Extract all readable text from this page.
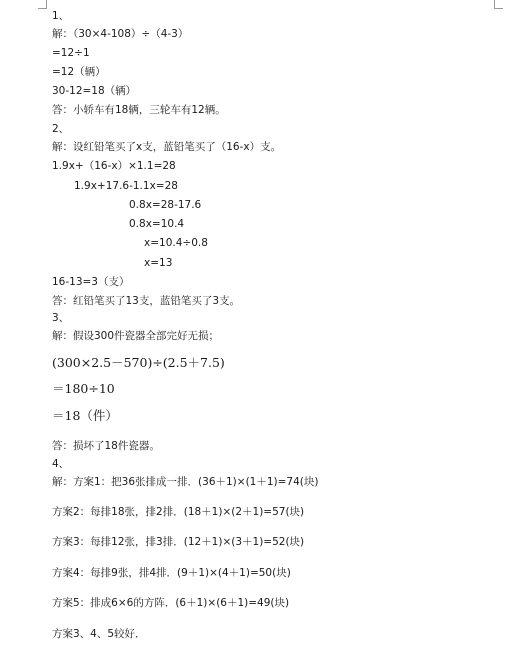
1、
解：（30×4-108）÷（4-3）
=12÷1
=12（辆）
30-12=18（辆）
答：小轿车有18辆，三轮车有12辆。
2、
解：设红铅笔买了x支，蓝铅笔买了（16-x）支。
1.9x+（16-x）×1.1=28
1.9x+17.6-1.1x=28
0.8x=28-17.6
0.8x=10.4
x=10.4÷0.8
x=13
16-13=3（支）
答：红铅笔买了13支，蓝铅笔买了3支。
3、
解：假设300件瓷器全部完好无损；
(300×2.5－570)÷(2.5＋7.5)
＝180÷10
＝18（件）
答：损坏了18件瓷器。
4、
解：方案1：把36张排成一排．(36＋1)×(1＋1)=74(块)
方案2：每排18张，排2排．(18＋1)×(2＋1)=57(块)
方案3：每排12张，排3排．(12＋1)×(3＋1)=52(块)
方案4：每排9张，排4排．(9＋1)×(4＋1)=50(块)
方案5：排成6×6的方阵．(6＋1)×(6＋1)=49(块)
方案3、4、5较好．
